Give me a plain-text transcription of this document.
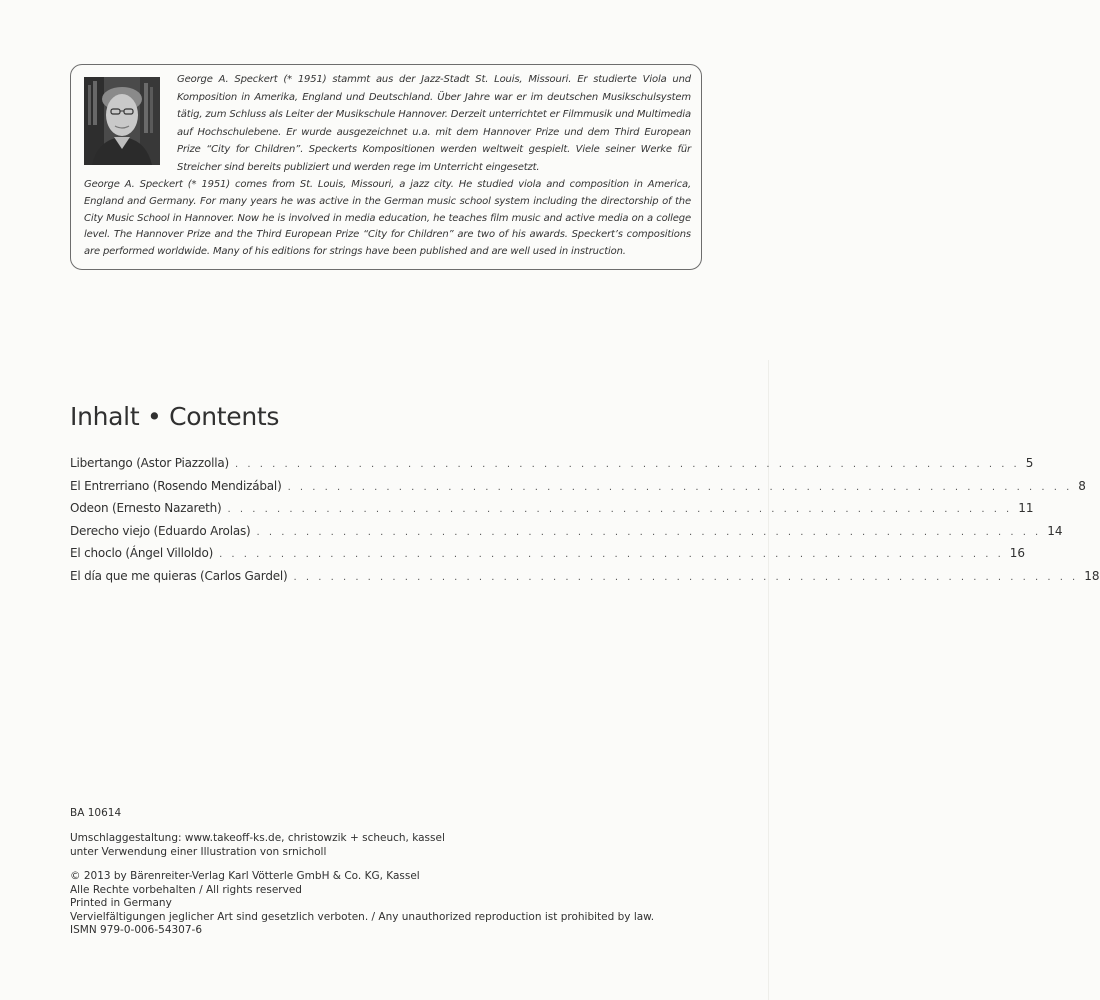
George A. Speckert (* 1951) stammt aus der Jazz-Stadt St. Louis, Missouri. Er studierte Viola und Komposition in Amerika, England und Deutschland. Über Jahre war er im deutschen Musikschulsystem tätig, zum Schluss als Leiter der Musikschule Hannover. Derzeit unterrichtet er Filmmusik und Multimedia auf Hochschulebene. Er wurde ausgezeichnet u.a. mit dem Hannover Prize und dem Third European Prize “City for Children”. Speckerts Kompositionen werden weltweit gespielt. Viele seiner Werke für Streicher sind bereits publiziert und werden rege im Unterricht eingesetzt.
George A. Speckert (* 1951) comes from St. Louis, Missouri, a jazz city. He studied viola and composition in America, England and Germany. For many years he was active in the German music school system including the directorship of the City Music School in Hannover. Now he is involved in media education, he teaches film music and active media on a college level. The Hannover Prize and the Third European Prize “City for Children” are two of his awards. Speckert’s compositions are performed worldwide. Many of his editions for strings have been published and are well used in instruction.
Inhalt • Contents
Libertango (Astor Piazzolla) . . . . . . . . . . . . . . . . . . . . . . . . . . . . . . . . . . . . . . . . . . . . . . . . . . . . . . . . . . . . . . . . 5
El Entrerriano (Rosendo Mendizábal) . . . . . . . . . . . . . . . . . . . . . . . . . . . . . . . . . . . . . . . . . . . . . . . . . . . . . . . . . . . . . . . . 8
Odeon (Ernesto Nazareth) . . . . . . . . . . . . . . . . . . . . . . . . . . . . . . . . . . . . . . . . . . . . . . . . . . . . . . . . . . . . . . . . 11
Derecho viejo (Eduardo Arolas) . . . . . . . . . . . . . . . . . . . . . . . . . . . . . . . . . . . . . . . . . . . . . . . . . . . . . . . . . . . . . . . . 14
El choclo (Ángel Villoldo) . . . . . . . . . . . . . . . . . . . . . . . . . . . . . . . . . . . . . . . . . . . . . . . . . . . . . . . . . . . . . . . . 16
El día que me quieras (Carlos Gardel) . . . . . . . . . . . . . . . . . . . . . . . . . . . . . . . . . . . . . . . . . . . . . . . . . . . . . . . . . . . . . . . . 18
BA 10614
Umschlaggestaltung: www.takeoff-ks.de, christowzik + scheuch, kassel
unter Verwendung einer Illustration von srnicholl
© 2013 by Bärenreiter-Verlag Karl Vötterle GmbH & Co. KG, Kassel
Alle Rechte vorbehalten / All rights reserved
Printed in Germany
Vervielfältigungen jeglicher Art sind gesetzlich verboten. / Any unauthorized reproduction ist prohibited by law.
ISMN 979-0-006-54307-6
